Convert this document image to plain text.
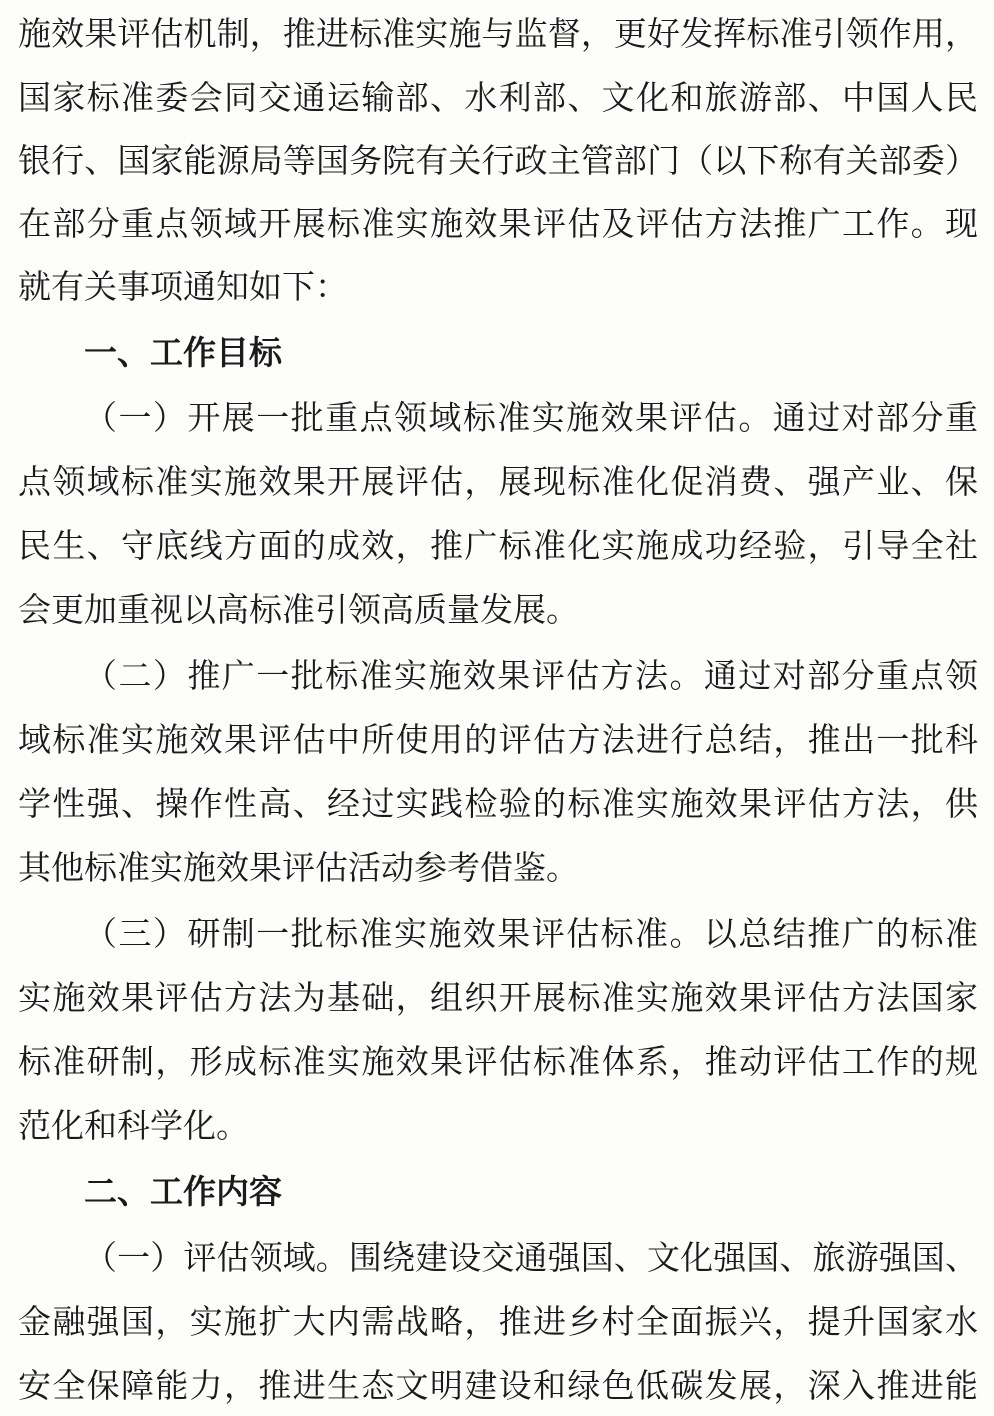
施效果评估机制，推进标准实施与监督，更好发挥标准引领作用，
国家标准委会同交通运输部、水利部、文化和旅游部、中国人民
银行、国家能源局等国务院有关行政主管部门（以下称有关部委）
在部分重点领域开展标准实施效果评估及评估方法推广工作。现
就有关事项通知如下：
一、工作目标
（一）开展一批重点领域标准实施效果评估。通过对部分重
点领域标准实施效果开展评估，展现标准化促消费、强产业、保
民生、守底线方面的成效，推广标准化实施成功经验，引导全社
会更加重视以高标准引领高质量发展。
（二）推广一批标准实施效果评估方法。通过对部分重点领
域标准实施效果评估中所使用的评估方法进行总结，推出一批科
学性强、操作性高、经过实践检验的标准实施效果评估方法，供
其他标准实施效果评估活动参考借鉴。
（三）研制一批标准实施效果评估标准。以总结推广的标准
实施效果评估方法为基础，组织开展标准实施效果评估方法国家
标准研制，形成标准实施效果评估标准体系，推动评估工作的规
范化和科学化。
二、工作内容
（一）评估领域。围绕建设交通强国、文化强国、旅游强国、
金融强国，实施扩大内需战略，推进乡村全面振兴，提升国家水
安全保障能力，推进生态文明建设和绿色低碳发展，深入推进能
